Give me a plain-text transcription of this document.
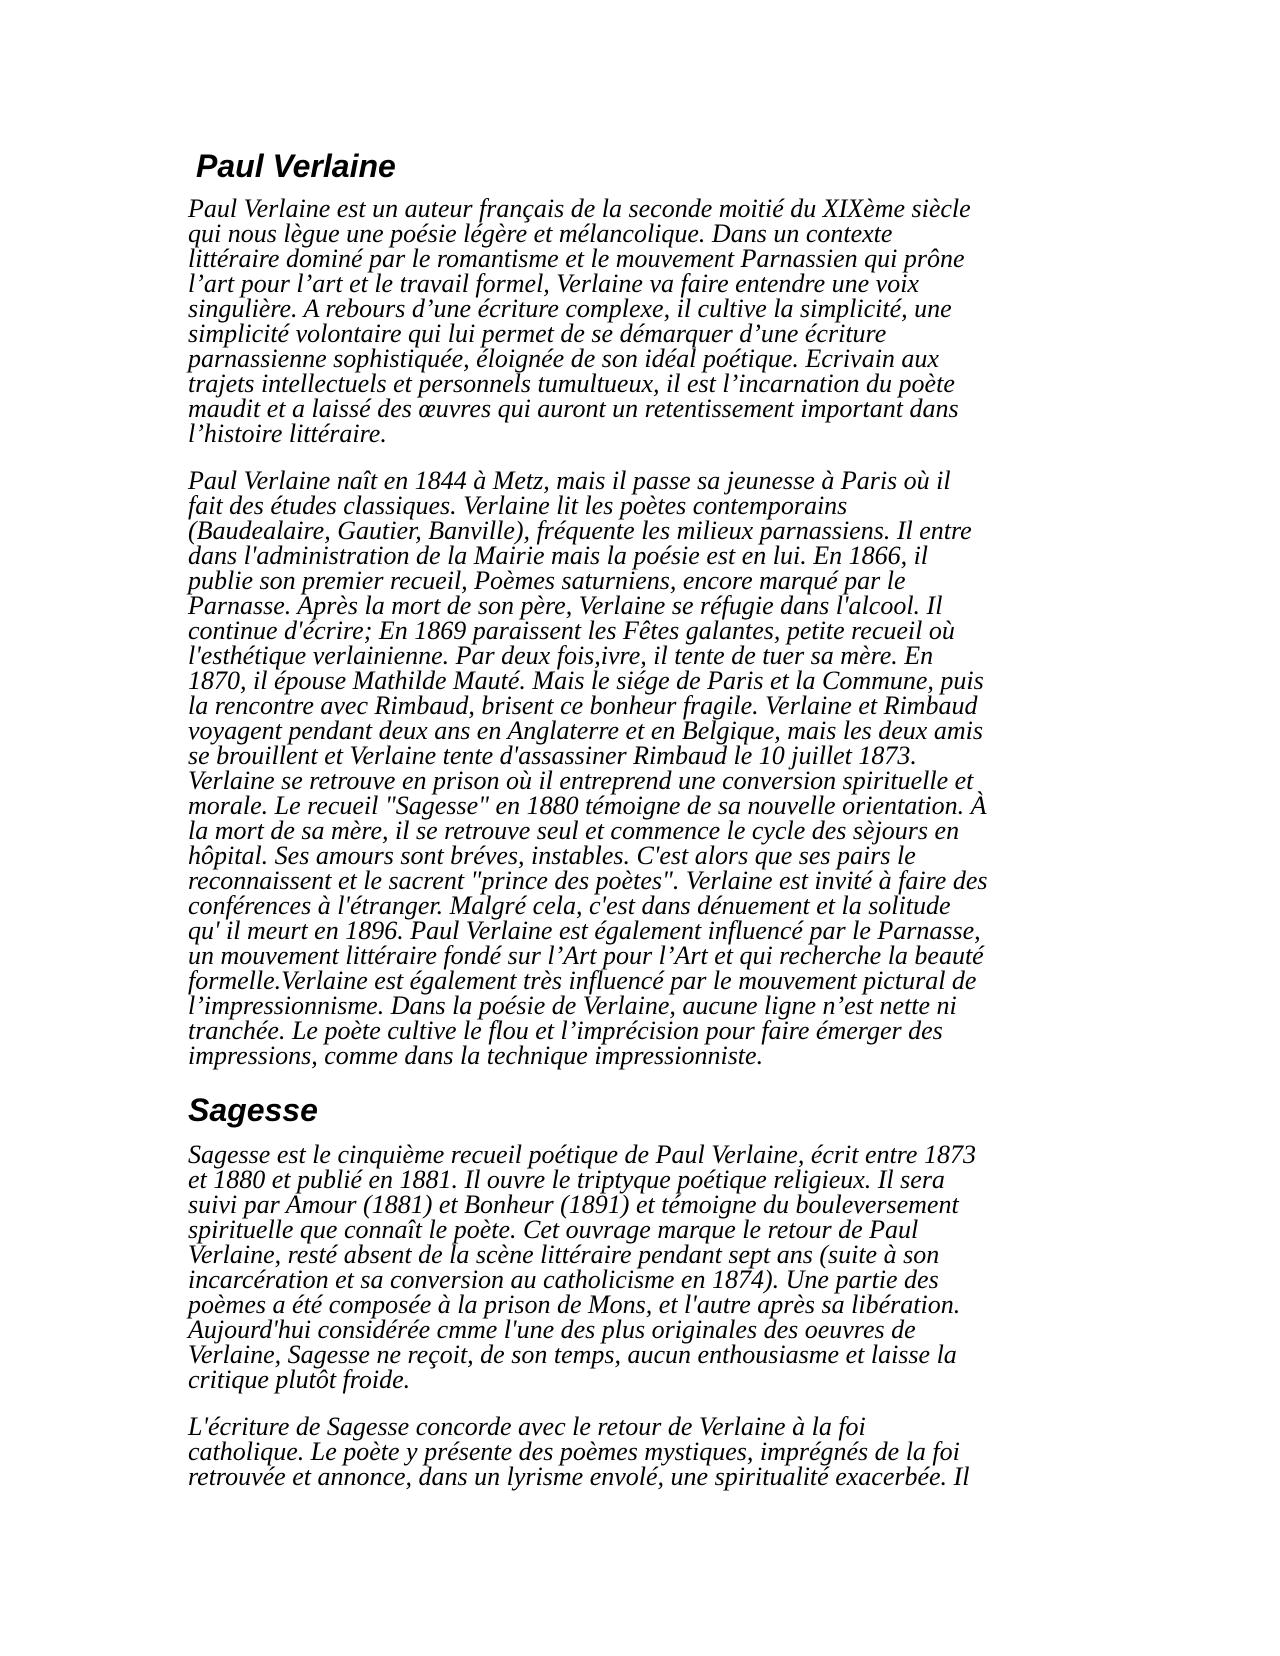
Paul Verlaine

Paul Verlaine est un auteur français de la seconde moitié du XIXème siècle
qui nous lègue une poésie légère et mélancolique. Dans un contexte
littéraire dominé par le romantisme et le mouvement Parnassien qui prône
l’art pour l’art et le travail formel, Verlaine va faire entendre une voix
singulière. A rebours d’une écriture complexe, il cultive la simplicité, une
simplicité volontaire qui lui permet de se démarquer d’une écriture
parnassienne sophistiquée, éloignée de son idéal poétique. Ecrivain aux
trajets intellectuels et personnels tumultueux, il est l’incarnation du poète
maudit et a laissé des œuvres qui auront un retentissement important dans
l’histoire littéraire.

Paul Verlaine naît en 1844 à Metz, mais il passe sa jeunesse à Paris où il
fait des études classiques. Verlaine lit les poètes contemporains
(Baudealaire, Gautier, Banville), fréquente les milieux parnassiens. Il entre
dans l'administration de la Mairie mais la poésie est en lui. En 1866, il
publie son premier recueil, Poèmes saturniens, encore marqué par le
Parnasse. Après la mort de son père, Verlaine se réfugie dans l'alcool. Il
continue d'écrire; En 1869 paraissent les Fêtes galantes, petite recueil où
l'esthétique verlainienne. Par deux fois,ivre, il tente de tuer sa mère. En
1870, il épouse Mathilde Mauté. Mais le siége de Paris et la Commune, puis
la rencontre avec Rimbaud, brisent ce bonheur fragile. Verlaine et Rimbaud
voyagent pendant deux ans en Anglaterre et en Belgique, mais les deux amis
se brouillent et Verlaine tente d'assassiner Rimbaud le 10 juillet 1873.
Verlaine se retrouve en prison où il entreprend une conversion spirituelle et
morale. Le recueil "Sagesse" en 1880 témoigne de sa nouvelle orientation. À
la mort de sa mère, il se retrouve seul et commence le cycle des sèjours en
hôpital. Ses amours sont bréves, instables. C'est alors que ses pairs le
reconnaissent et le sacrent "prince des poètes". Verlaine est invité à faire des
conférences à l'étranger. Malgré cela, c'est dans dénuement et la solitude
qu' il meurt en 1896. Paul Verlaine est également influencé par le Parnasse,
un mouvement littéraire fondé sur l’Art pour l’Art et qui recherche la beauté
formelle.Verlaine est également très influencé par le mouvement pictural de
l’impressionnisme. Dans la poésie de Verlaine, aucune ligne n’est nette ni
tranchée. Le poète cultive le flou et l’imprécision pour faire émerger des
impressions, comme dans la technique impressionniste.

Sagesse

Sagesse est le cinquième recueil poétique de Paul Verlaine, écrit entre 1873
et 1880 et publié en 1881. Il ouvre le triptyque poétique religieux. Il sera
suivi par Amour (1881) et Bonheur (1891) et témoigne du bouleversement
spirituelle que connaît le poète. Cet ouvrage marque le retour de Paul
Verlaine, resté absent de la scène littéraire pendant sept ans (suite à son
incarcération et sa conversion au catholicisme en 1874). Une partie des
poèmes a été composée à la prison de Mons, et l'autre après sa libération.
Aujourd'hui considérée cmme l'une des plus originales des oeuvres de
Verlaine, Sagesse ne reçoit, de son temps, aucun enthousiasme et laisse la
critique plutôt froide.

L'écriture de Sagesse concorde avec le retour de Verlaine à la foi
catholique. Le poète y présente des poèmes mystiques, imprégnés de la foi
retrouvée et annonce, dans un lyrisme envolé, une spiritualité exacerbée. Il
